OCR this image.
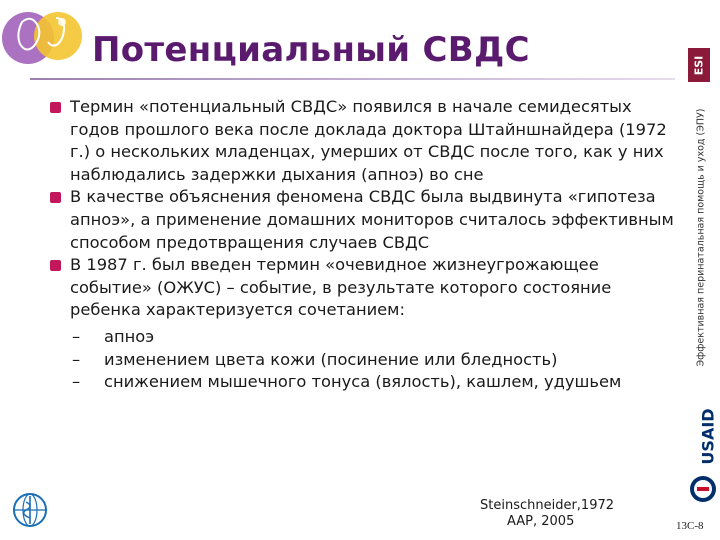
Потенциальный СВДС	ESI
Эффективная перинатальная помощь и уход (ЭПУ)
Термин «потенциальный СВДС» появился в начале семидесятых годов прошлого века после доклада доктора Штайншнайдера (1972 г.) о нескольких младенцах, умерших от СВДС после того, как у них наблюдались задержки дыхания (апноэ) во сне
В качестве объяснения феномена СВДС была выдвинута «гипотеза апноэ», а применение домашних мониторов считалось эффективным способом предотвращения случаев СВДС
В 1987 г. был введен термин «очевидное жизнеугрожающее событие» (ОЖУС) – событие, в результате которого состояние ребенка характеризуется сочетанием:
– апноэ
– изменением цвета кожи (посинение или бледность)
– снижением мышечного тонуса (вялость), кашлем, удушьем
USAID
Steinschneider,1972
AAP, 2005	13С-8
